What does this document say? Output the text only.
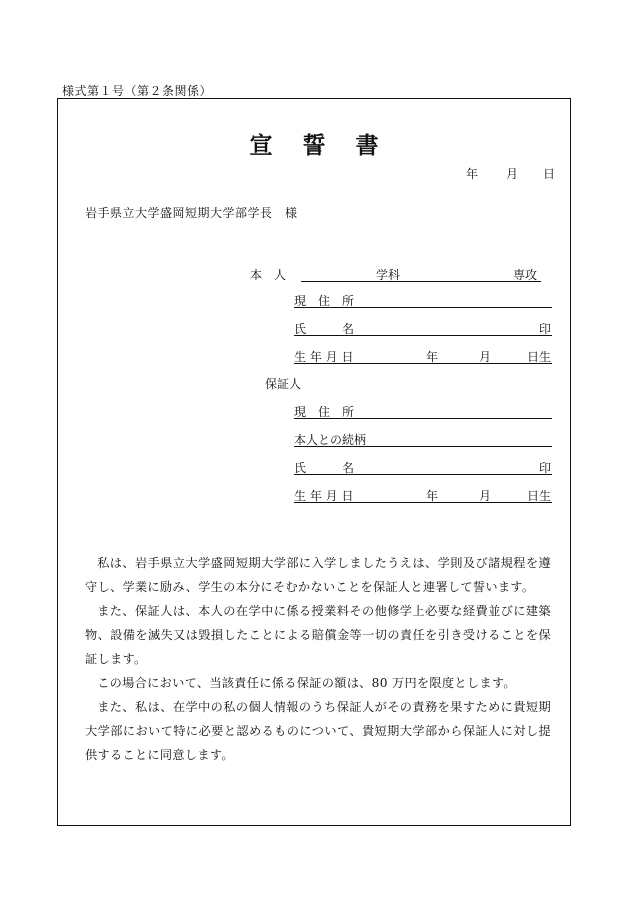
様式第１号（第２条関係）
宣誓書
年 月 日
岩手県立大学盛岡短期大学部学長　様
本　人	学科	専攻
現　住　所
氏　　　名	印
生 年 月 日	年	月	日生
保証人
現　住　所
本人との続柄
氏　　　名	印
生 年 月 日	年	月	日生

私は、岩手県立大学盛岡短期大学部に入学しましたうえは、学則及び諸規程を遵守し、学業に励み、学生の本分にそむかないことを保証人と連署して誓います。

また、保証人は、本人の在学中に係る授業料その他修学上必要な経費並びに建築物、設備を滅失又は毀損したことによる賠償金等一切の責任を引き受けることを保証します。

この場合において、当該責任に係る保証の額は、80 万円を限度とします。

また、私は、在学中の私の個人情報のうち保証人がその責務を果すために貴短期大学部において特に必要と認めるものについて、貴短期大学部から保証人に対し提供することに同意します。
